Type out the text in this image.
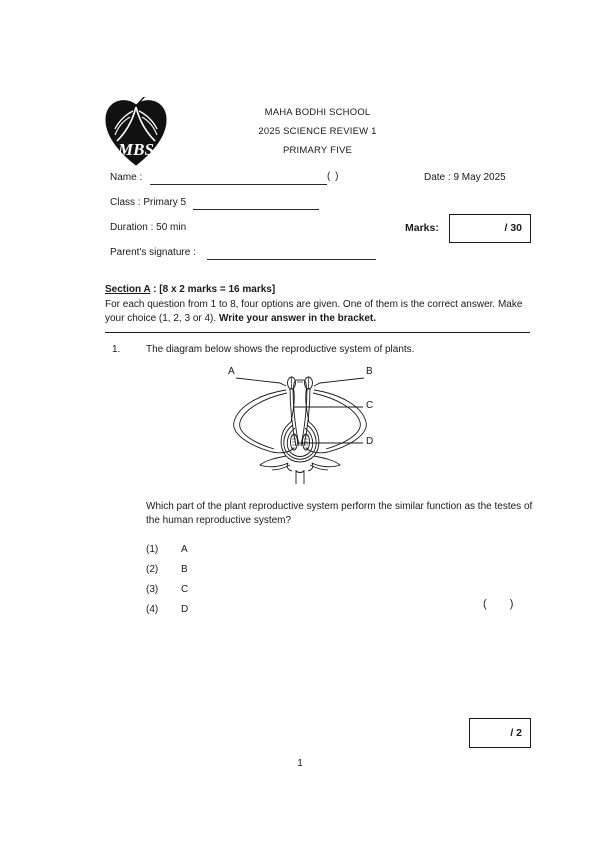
MBS
MAHA BODHI SCHOOL
2025 SCIENCE REVIEW 1
PRIMARY FIVE
Name :	( )	Date : 9 May 2025
Class : Primary 5
Duration : 50 min	Marks:	/ 30
Parent's signature :
Section A : [8 x 2 marks = 16 marks]
For each question from 1 to 8, four options are given. One of them is the correct answer. Make your choice (1, 2, 3 or 4). Write your answer in the bracket.
1.	The diagram below shows the reproductive system of plants.
A	B
C
D
Which part of the plant reproductive system perform the similar function as the testes of the human reproductive system?
(1) A
(2) B
(3) C
(4) D	( )
/ 2
1
